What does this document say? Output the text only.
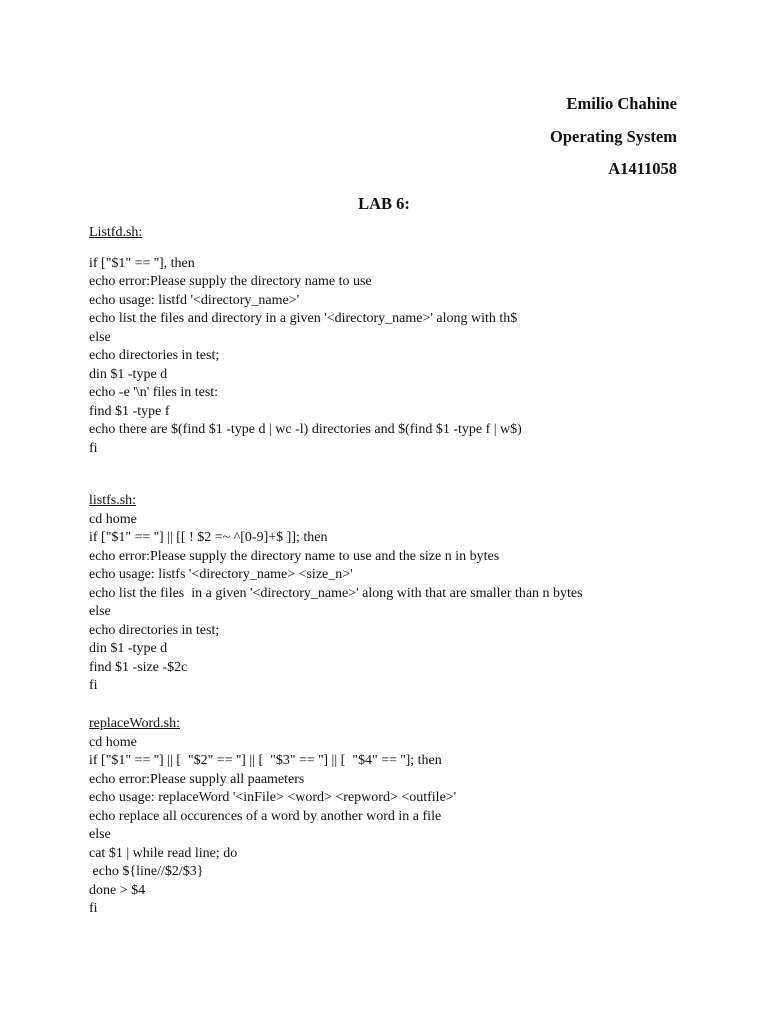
Emilio Chahine
Operating System
A1411058
LAB 6:
Listfd.sh:
if ["$1" == ''], then
echo error:Please supply the directory name to use
echo usage: listfd '<directory_name>'
echo list the files and directory in a given '<directory_name>' along with th$
else
echo directories in test;
din $1 -type d
echo -e '\n' files in test:
find $1 -type f
echo there are $(find $1 -type d | wc -l) directories and $(find $1 -type f | w$)
fi
listfs.sh:
cd home
if ["$1" == ''] || [[ ! $2 =~ ^[0-9]+$ ]]; then
echo error:Please supply the directory name to use and the size n in bytes
echo usage: listfs '<directory_name> <size_n>'
echo list the files  in a given '<directory_name>' along with that are smaller than n bytes
else
echo directories in test;
din $1 -type d
find $1 -size -$2c
fi
replaceWord.sh:
cd home
if ["$1" == ''] || [  "$2" == ''] || [  "$3" == ''] || [  "$4" == '']; then
echo error:Please supply all paameters
echo usage: replaceWord '<inFile> <word> <repword> <outfile>'
echo replace all occurences of a word by another word in a file
else
cat $1 | while read line; do
echo ${line//$2/$3}
done > $4
fi
